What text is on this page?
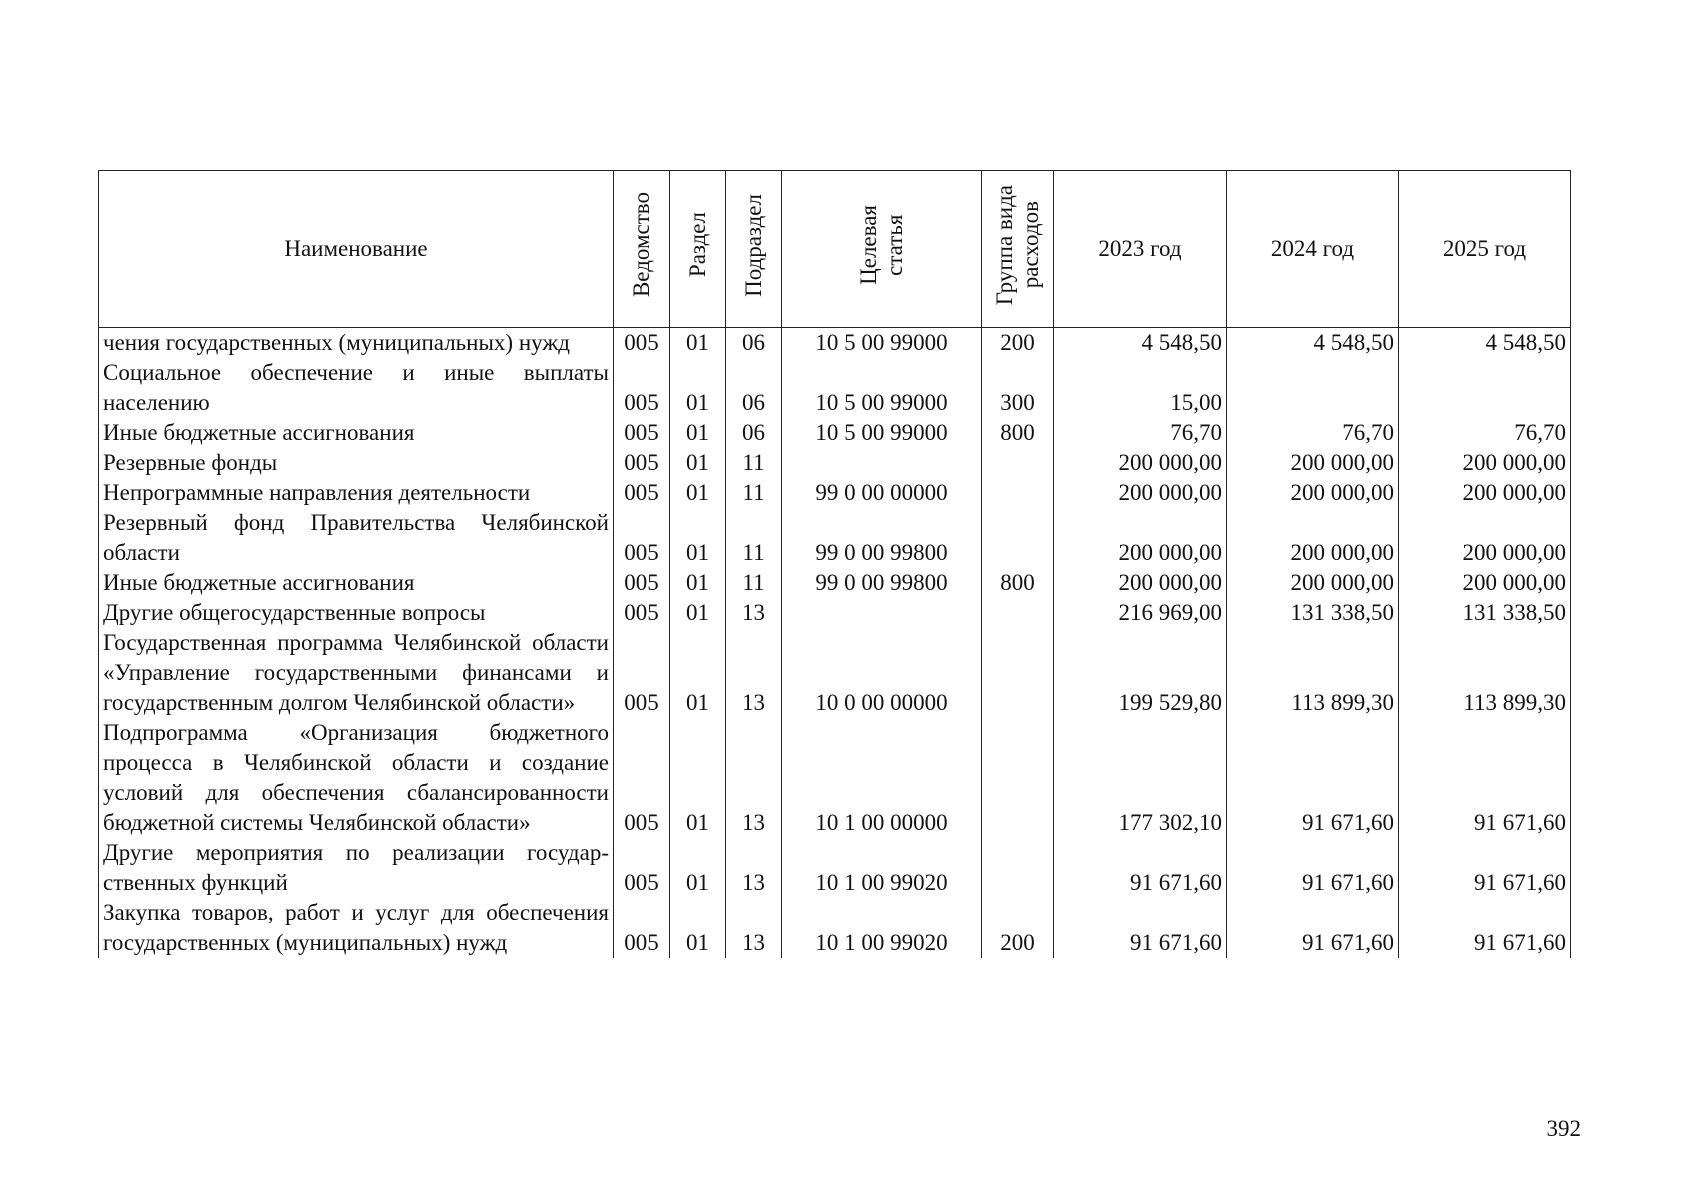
Наименование	Ведомство	Раздел	Подраздел	Целевая
статья	Группа вида
расходов	2023 год	2024 год	2025 год
чения государственных (муниципальных) нужд	005	01	06	10 5 00 99000	200	4 548,50	4 548,50	4 548,50
Социальное обеспечение и иные выплаты населению	005	01	06	10 5 00 99000	300	15,00		
Иные бюджетные ассигнования	005	01	06	10 5 00 99000	800	76,70	76,70	76,70
Резервные фонды	005	01	11			200 000,00	200 000,00	200 000,00
Непрограммные направления деятельности	005	01	11	99 0 00 00000		200 000,00	200 000,00	200 000,00
Резервный фонд Правительства Челябинской области	005	01	11	99 0 00 99800		200 000,00	200 000,00	200 000,00
Иные бюджетные ассигнования	005	01	11	99 0 00 99800	800	200 000,00	200 000,00	200 000,00
Другие общегосударственные вопросы	005	01	13			216 969,00	131 338,50	131 338,50
Государственная программа Челябинской области «Управление государственными финансами и государственным долгом Челябинской области»	005	01	13	10 0 00 00000		199 529,80	113 899,30	113 899,30
Подпрограмма «Организация бюджетного процесса в Челябинской области и создание условий для обеспечения сбалансированности бюджетной системы Челябинской области»	005	01	13	10 1 00 00000		177 302,10	91 671,60	91 671,60
Другие мероприятия по реализации государственных функций	005	01	13	10 1 00 99020		91 671,60	91 671,60	91 671,60
Закупка товаров, работ и услуг для обеспечения государственных (муниципальных) нужд	005	01	13	10 1 00 99020	200	91 671,60	91 671,60	91 671,60
392
